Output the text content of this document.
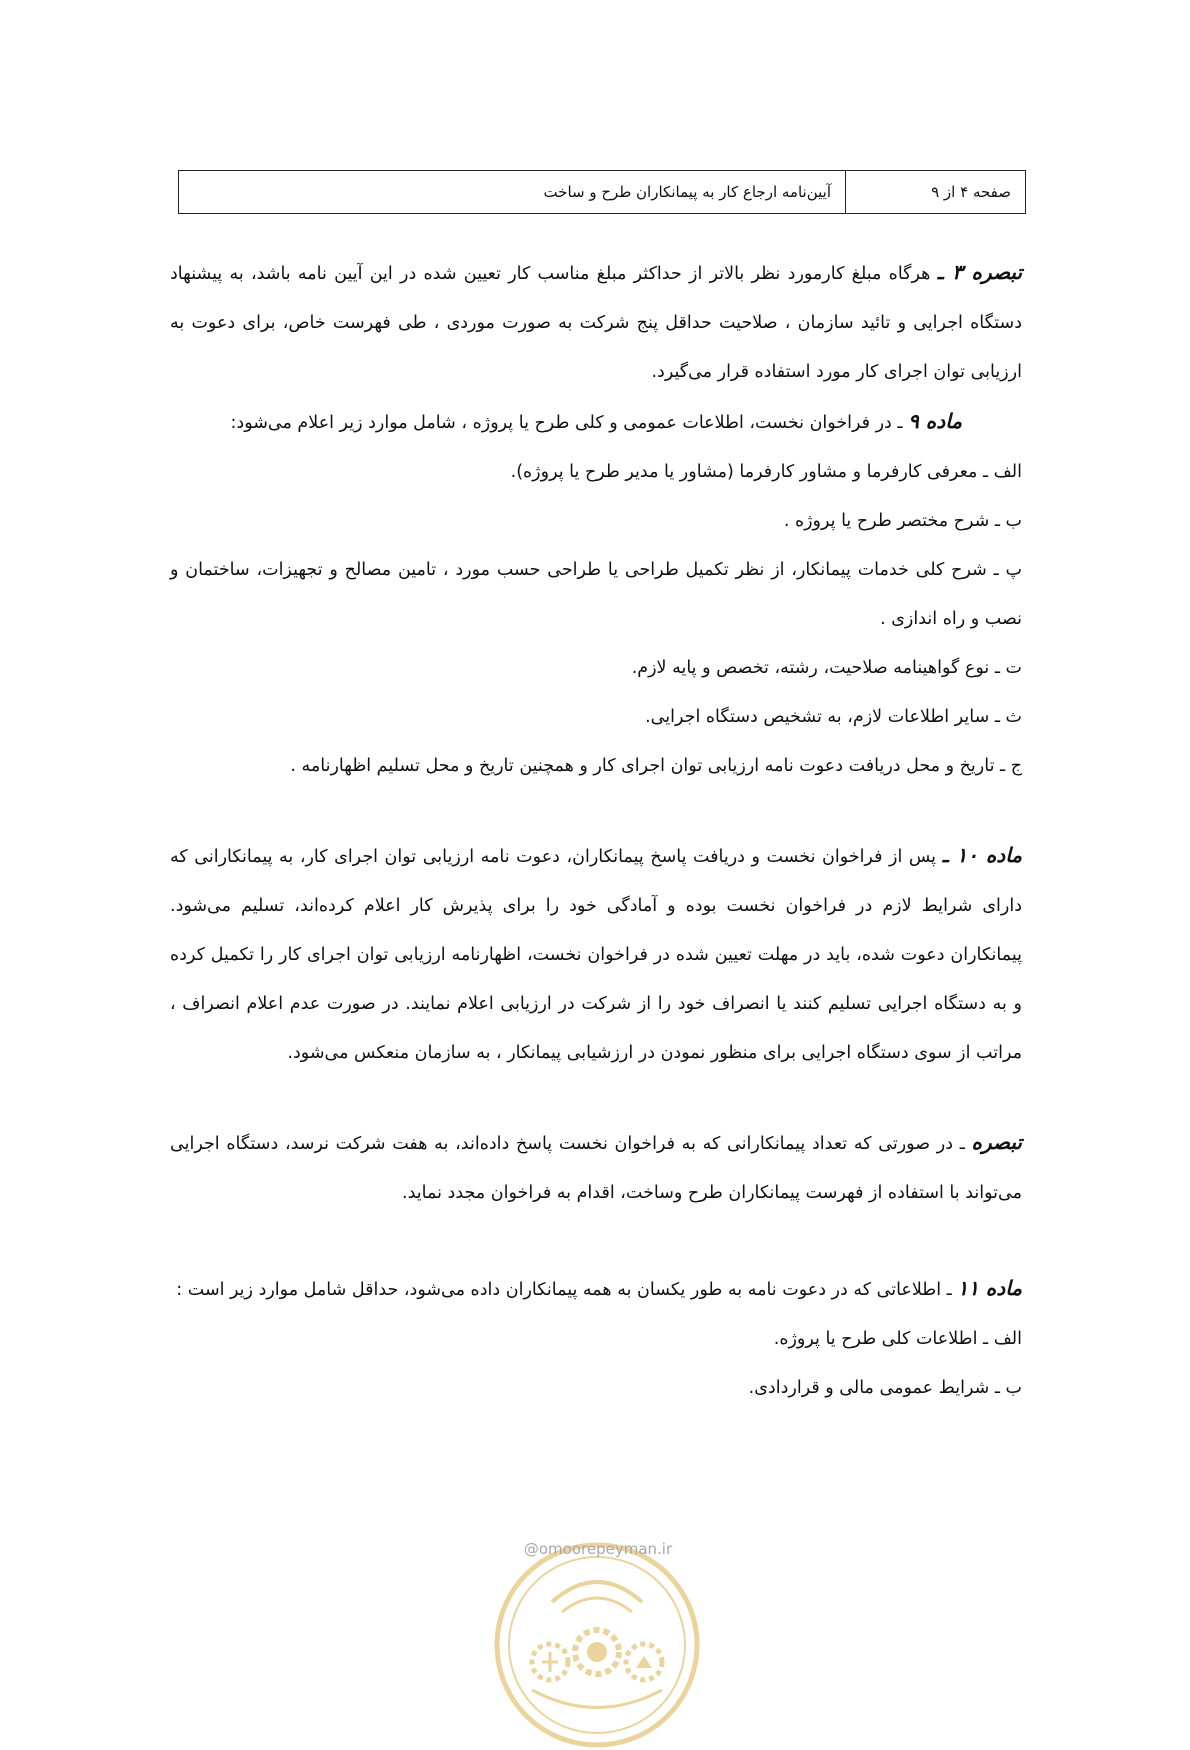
صفحه ۴ از ۹
آیین‌نامه ارجاع کار به پیمانکاران طرح و ساخت

تبصره ۳ ـ هرگاه مبلغ کارمورد نظر بالاتر از حداکثر مبلغ مناسب کار تعیین شده در این آیین نامه باشد، به پیشنهاد دستگاه اجرایی و تائید سازمان ، صلاحیت حداقل پنج شرکت به صورت موردی ، طی فهرست خاص، برای دعوت به ارزیابی توان اجرای کار مورد استفاده قرار می‌گیرد.

ماده ۹ ـ در فراخوان نخست، اطلاعات عمومی و کلی طرح یا پروژه ، شامل موارد زیر اعلام می‌شود:

الف ـ معرفی کارفرما و مشاور کارفرما (مشاور یا مدیر طرح یا پروژه).

ب ـ شرح مختصر طرح یا پروژه .

پ ـ شرح کلی خدمات پیمانکار، از نظر تکمیل طراحی یا طراحی حسب مورد ، تامین مصالح و تجهیزات، ساختمان و نصب و راه اندازی .

ت ـ نوع گواهینامه صلاحیت، رشته، تخصص و پایه لازم.

ث ـ سایر اطلاعات لازم، به تشخیص دستگاه اجرایی.

ج ـ تاریخ و محل دریافت دعوت نامه ارزیابی توان اجرای کار و همچنین تاریخ و محل تسلیم اظهارنامه .

ماده ۱۰ ـ پس از فراخوان نخست و دریافت پاسخ پیمانکاران، دعوت نامه ارزیابی توان اجرای کار، به پیمانکارانی که دارای شرایط لازم در فراخوان نخست بوده و آمادگی خود را برای پذیرش کار اعلام کرده‌اند، تسلیم می‌شود. پیمانکاران دعوت شده، باید در مهلت تعیین شده در فراخوان نخست، اظهارنامه ارزیابی توان اجرای کار را تکمیل کرده و به دستگاه اجرایی تسلیم کنند یا انصراف خود را از شرکت در ارزیابی اعلام نمایند. در صورت عدم اعلام انصراف ، مراتب از سوی دستگاه اجرایی برای منظور نمودن در ارزشیابی پیمانکار ، به سازمان منعکس می‌شود.

تبصره ـ در صورتی که تعداد پیمانکارانی که به فراخوان نخست پاسخ داده‌اند، به هفت شرکت نرسد، دستگاه اجرایی می‌تواند با استفاده از فهرست پیمانکاران طرح وساخت، اقدام به فراخوان مجدد نماید.

ماده ۱۱ ـ اطلاعاتی که در دعوت نامه به طور یکسان به همه پیمانکاران داده می‌شود، حداقل شامل موارد زیر است :

الف ـ اطلاعات کلی طرح یا پروژه.

ب ـ شرایط عمومی مالی و قراردادی.

@omoorepeyman.ir
